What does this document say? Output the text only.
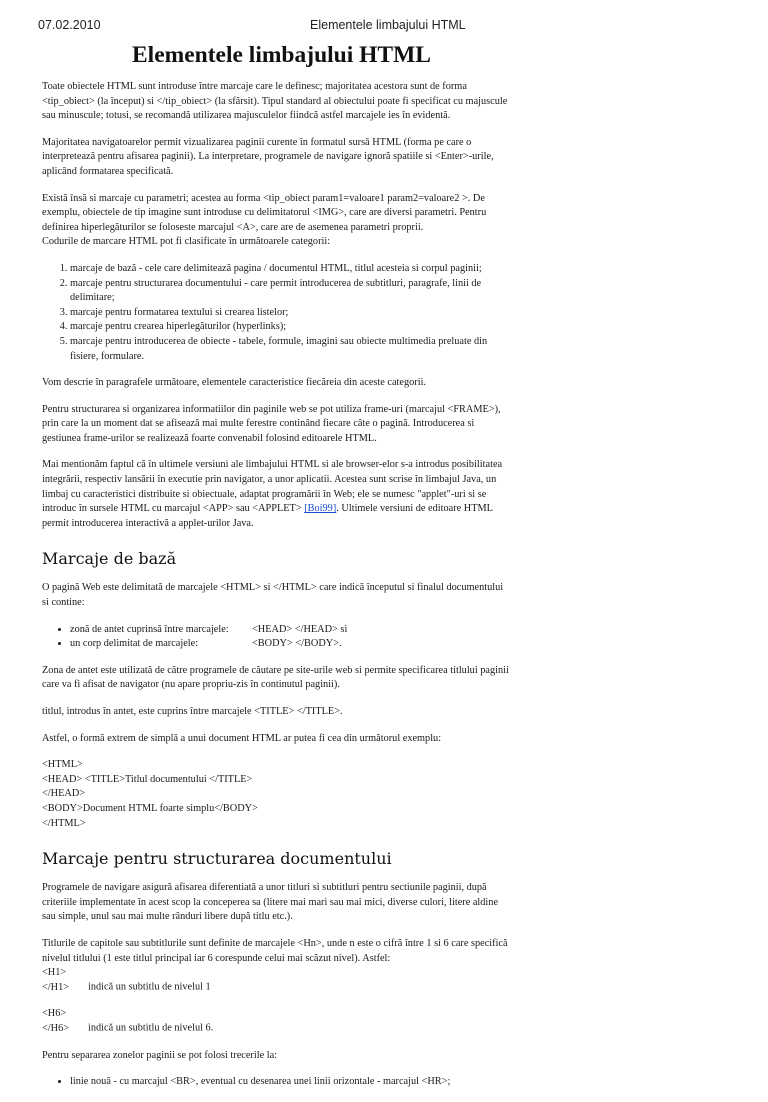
07.02.2010	Elementele limbajului HTML
Elementele limbajului HTML

Toate obiectele HTML sunt introduse între marcaje care le definesc; majoritatea acestora sunt de forma <tip_obiect> (la început) si </tip_obiect> (la sfârsit). Tipul standard al obiectului poate fi specificat cu majuscule sau minuscule; totusi, se recomandă utilizarea majusculelor fiindcă astfel marcajele ies în evidentă.

Majoritatea navigatoarelor permit vizualizarea paginii curente în formatul sursă HTML (forma pe care o interpretează pentru afisarea paginii). La interpretare, programele de navigare ignoră spatiile si <Enter>-urile, aplicând formatarea specificată.

Există însă si marcaje cu parametri; acestea au forma <tip_obiect param1=valoare1 param2=valoare2 >. De exemplu, obiectele de tip imagine sunt introduse cu delimitatorul <IMG>, care are diversi parametri. Pentru definirea hiperlegăturilor se foloseste marcajul <A>, care are de asemenea parametri proprii.

Codurile de marcare HTML pot fi clasificate în următoarele categorii:

1. marcaje de bază - cele care delimitează pagina / documentul HTML, titlul acesteia si corpul paginii;
2. marcaje pentru structurarea documentului - care permit introducerea de subtitluri, paragrafe, linii de delimitare;
3. marcaje pentru formatarea textului si crearea listelor;
4. marcaje pentru crearea hiperlegăturilor (hyperlinks);
5. marcaje pentru introducerea de obiecte - tabele, formule, imagini sau obiecte multimedia preluate din fisiere, formulare.

Vom descrie în paragrafele următoare, elementele caracteristice fiecăreia din aceste categorii.

Pentru structurarea si organizarea informatiilor din paginile web se pot utiliza frame-uri (marcajul <FRAME>), prin care la un moment dat se afisează mai multe ferestre continând fiecare câte o pagină. Introducerea si gestiunea frame-urilor se realizează foarte convenabil folosind editoarele HTML.

Mai mentionăm faptul că în ultimele versiuni ale limbajului HTML si ale browser-elor s-a introdus posibilitatea integrării, respectiv lansării în executie prin navigator, a unor aplicatii. Acestea sunt scrise în limbajul Java, un limbaj cu caracteristici distribuite si obiectuale, adaptat programării în Web; ele se numesc "applet"-uri si se introduc în sursele HTML cu marcajul <APP> sau <APPLET> [Boi99]. Ultimele versiuni de editoare HTML permit introducerea interactivă a applet-urilor Java.

Marcaje de bază

O pagină Web este delimitată de marcajele <HTML> si </HTML> care indică începutul si finalul documentului si contine:

• zonă de antet cuprinsă între marcajele: <HEAD> </HEAD> si
• un corp delimitat de marcajele:	<BODY> </BODY>.

Zona de antet este utilizată de către programele de căutare pe site-urile web si permite specificarea titlului paginii care va fi afisat de navigator (nu apare propriu-zis în continutul paginii).

titlul, introdus în antet, este cuprins între marcajele <TITLE> </TITLE>.

Astfel, o formă extrem de simplă a unui document HTML ar putea fi cea din următorul exemplu:

<HTML>
<HEAD> <TITLE>Titlul documentului </TITLE>
</HEAD>
<BODY>Document HTML foarte simplu</BODY>
</HTML>
Marcaje pentru structurarea documentului

Programele de navigare asigură afisarea diferentiată a unor titluri si subtitluri pentru sectiunile paginii, după criteriile implementate în acest scop la conceperea sa (litere mai mari sau mai mici, diverse culori, litere aldine sau simple, unul sau mai multe rânduri libere după titlu etc.).

Titlurile de capitole sau subtitlurile sunt definite de marcajele <Hn>, unde n este o cifră între 1 si 6 care specifică nivelul titlului (1 este titlul principal iar 6 corespunde celui mai scăzut nivel). Astfel:

<H1> </H1> indică un subtitlu de nivelul 1

<H6> </H6> indică un subtitlu de nivelul 6.

Pentru separarea zonelor paginii se pot folosi trecerile la:

• linie nouă - cu marcajul <BR>, eventual cu desenarea unei linii orizontale - marcajul <HR>;
